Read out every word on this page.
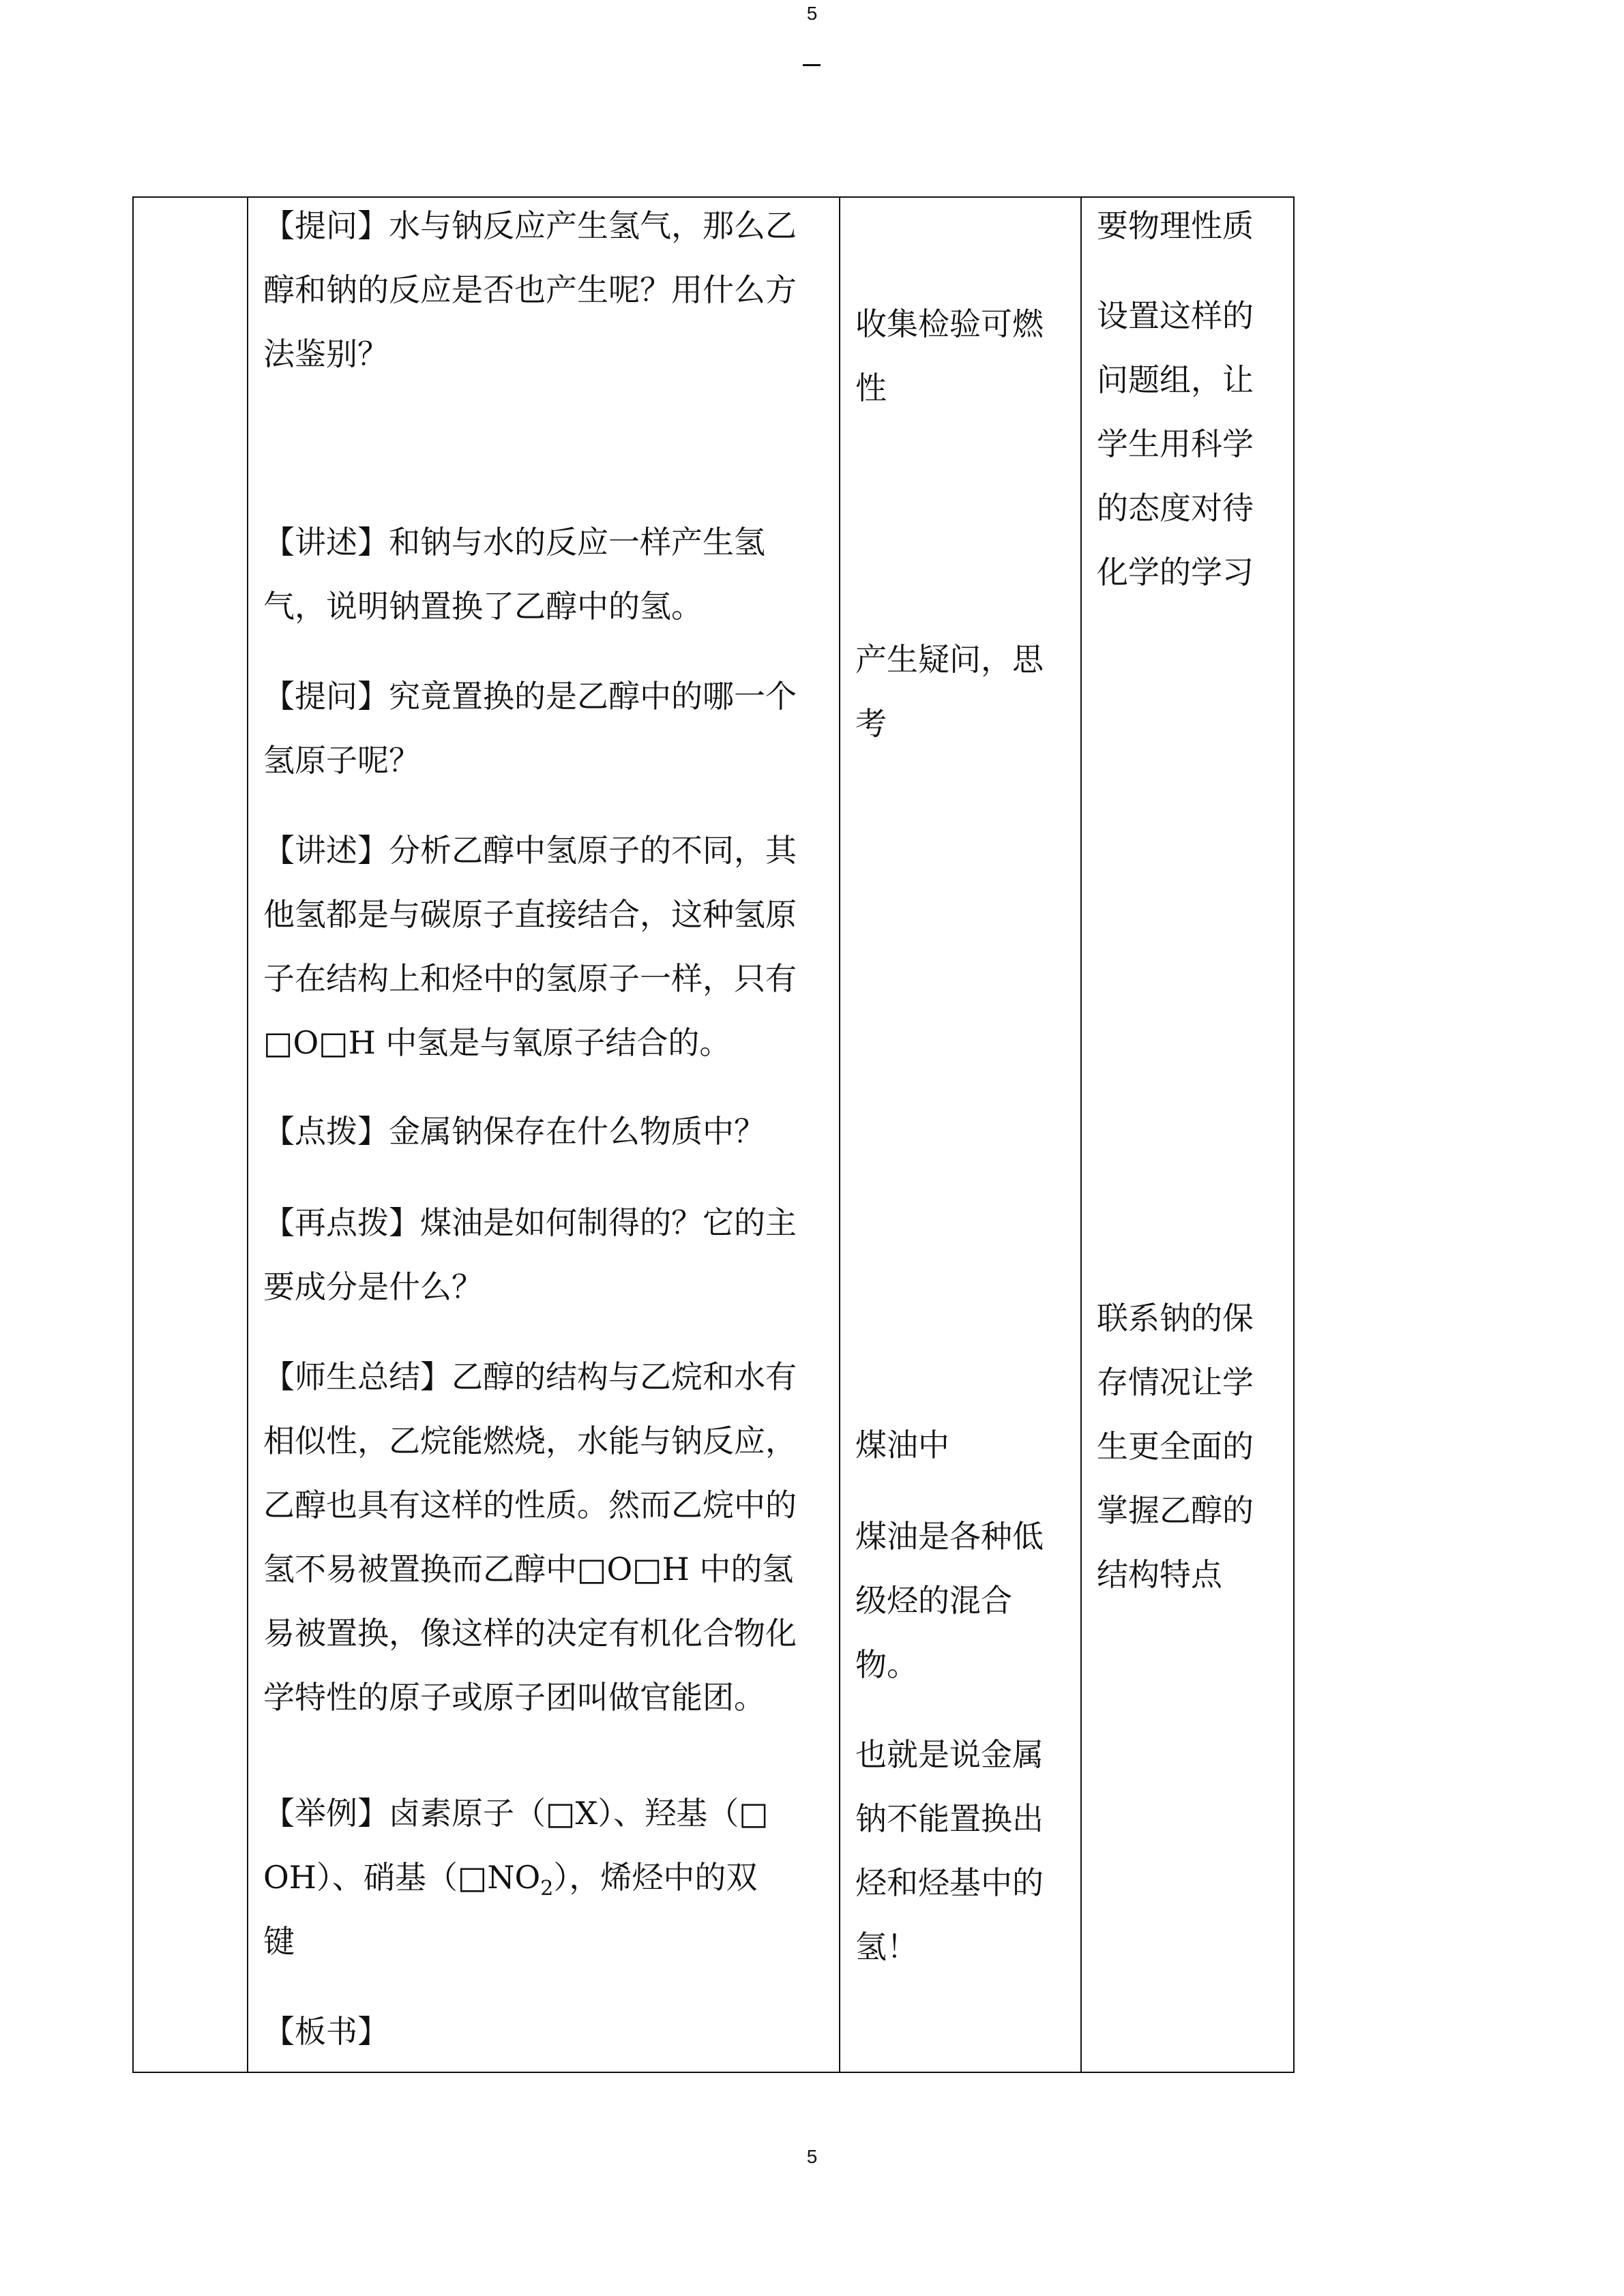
5

【提问】水与钠反应产生氢气，那么乙
醇和钠的反应是否也产生呢？用什么方
法鉴别？

【讲述】和钠与水的反应一样产生氢
气，说明钠置换了乙醇中的氢。

【提问】究竟置换的是乙醇中的哪一个
氢原子呢？

【讲述】分析乙醇中氢原子的不同，其
他氢都是与碳原子直接结合，这种氢原
子在结构上和烃中的氢原子一样，只有
□O□H 中氢是与氧原子结合的。

【点拨】金属钠保存在什么物质中？

【再点拨】煤油是如何制得的？它的主
要成分是什么？

【师生总结】乙醇的结构与乙烷和水有
相似性，乙烷能燃烧，水能与钠反应，
乙醇也具有这样的性质。然而乙烷中的
氢不易被置换而乙醇中□O□H 中的氢
易被置换，像这样的决定有机化合物化
学特性的原子或原子团叫做官能团。

【举例】卤素原子（□X）、羟基（□
OH）、硝基$(□NO_2)$，烯烃中的双
键

【板书】

收集检验可燃
性

产生疑问，思
考

煤油中

煤油是各种低
级烃的混合
物。

也就是说金属
钠不能置换出
烃和烃基中的
氢！

要物理性质

设置这样的
问题组，让
学生用科学
的态度对待
化学的学习

联系钠的保
存情况让学
生更全面的
掌握乙醇的
结构特点

5
